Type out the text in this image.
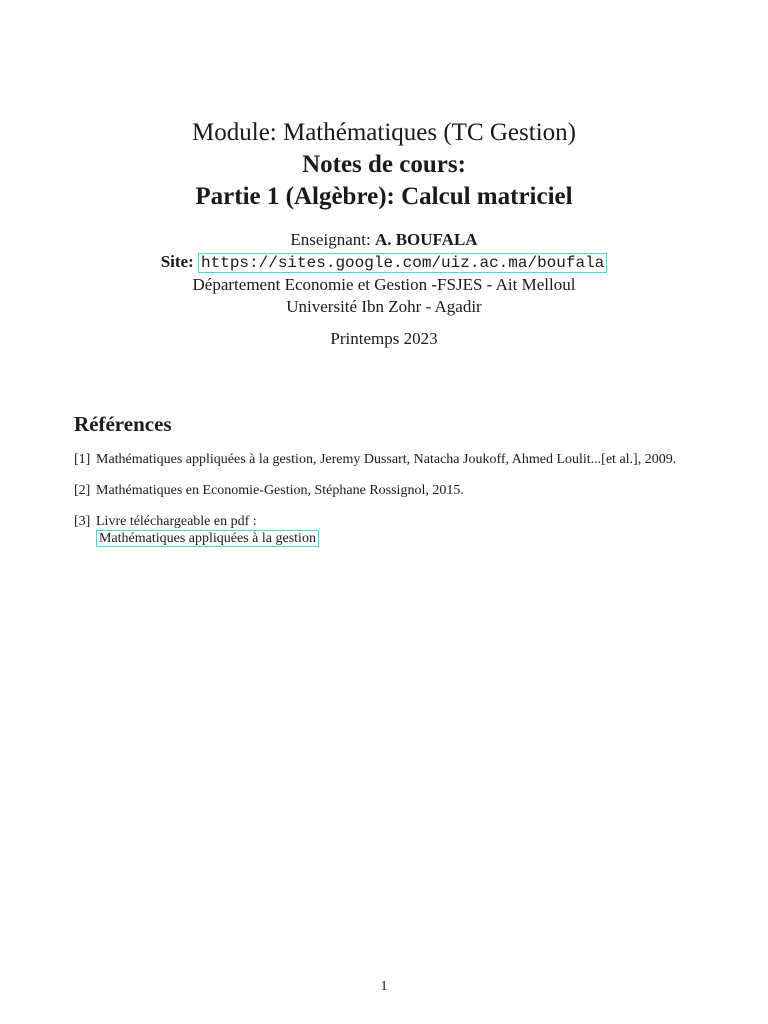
Module: Mathématiques (TC Gestion)
Notes de cours:
Partie 1 (Algèbre): Calcul matriciel
Enseignant: A. BOUFALA
Site: https://sites.google.com/uiz.ac.ma/boufala
Département Economie et Gestion -FSJES - Ait Melloul
Université Ibn Zohr - Agadir
Printemps 2023
Références
[1] Mathématiques appliquées à la gestion, Jeremy Dussart, Natacha Joukoff, Ahmed Loulit...[et al.], 2009.
[2] Mathématiques en Economie-Gestion, Stéphane Rossignol, 2015.
[3] Livre téléchargeable en pdf :
Mathématiques appliquées à la gestion
1
